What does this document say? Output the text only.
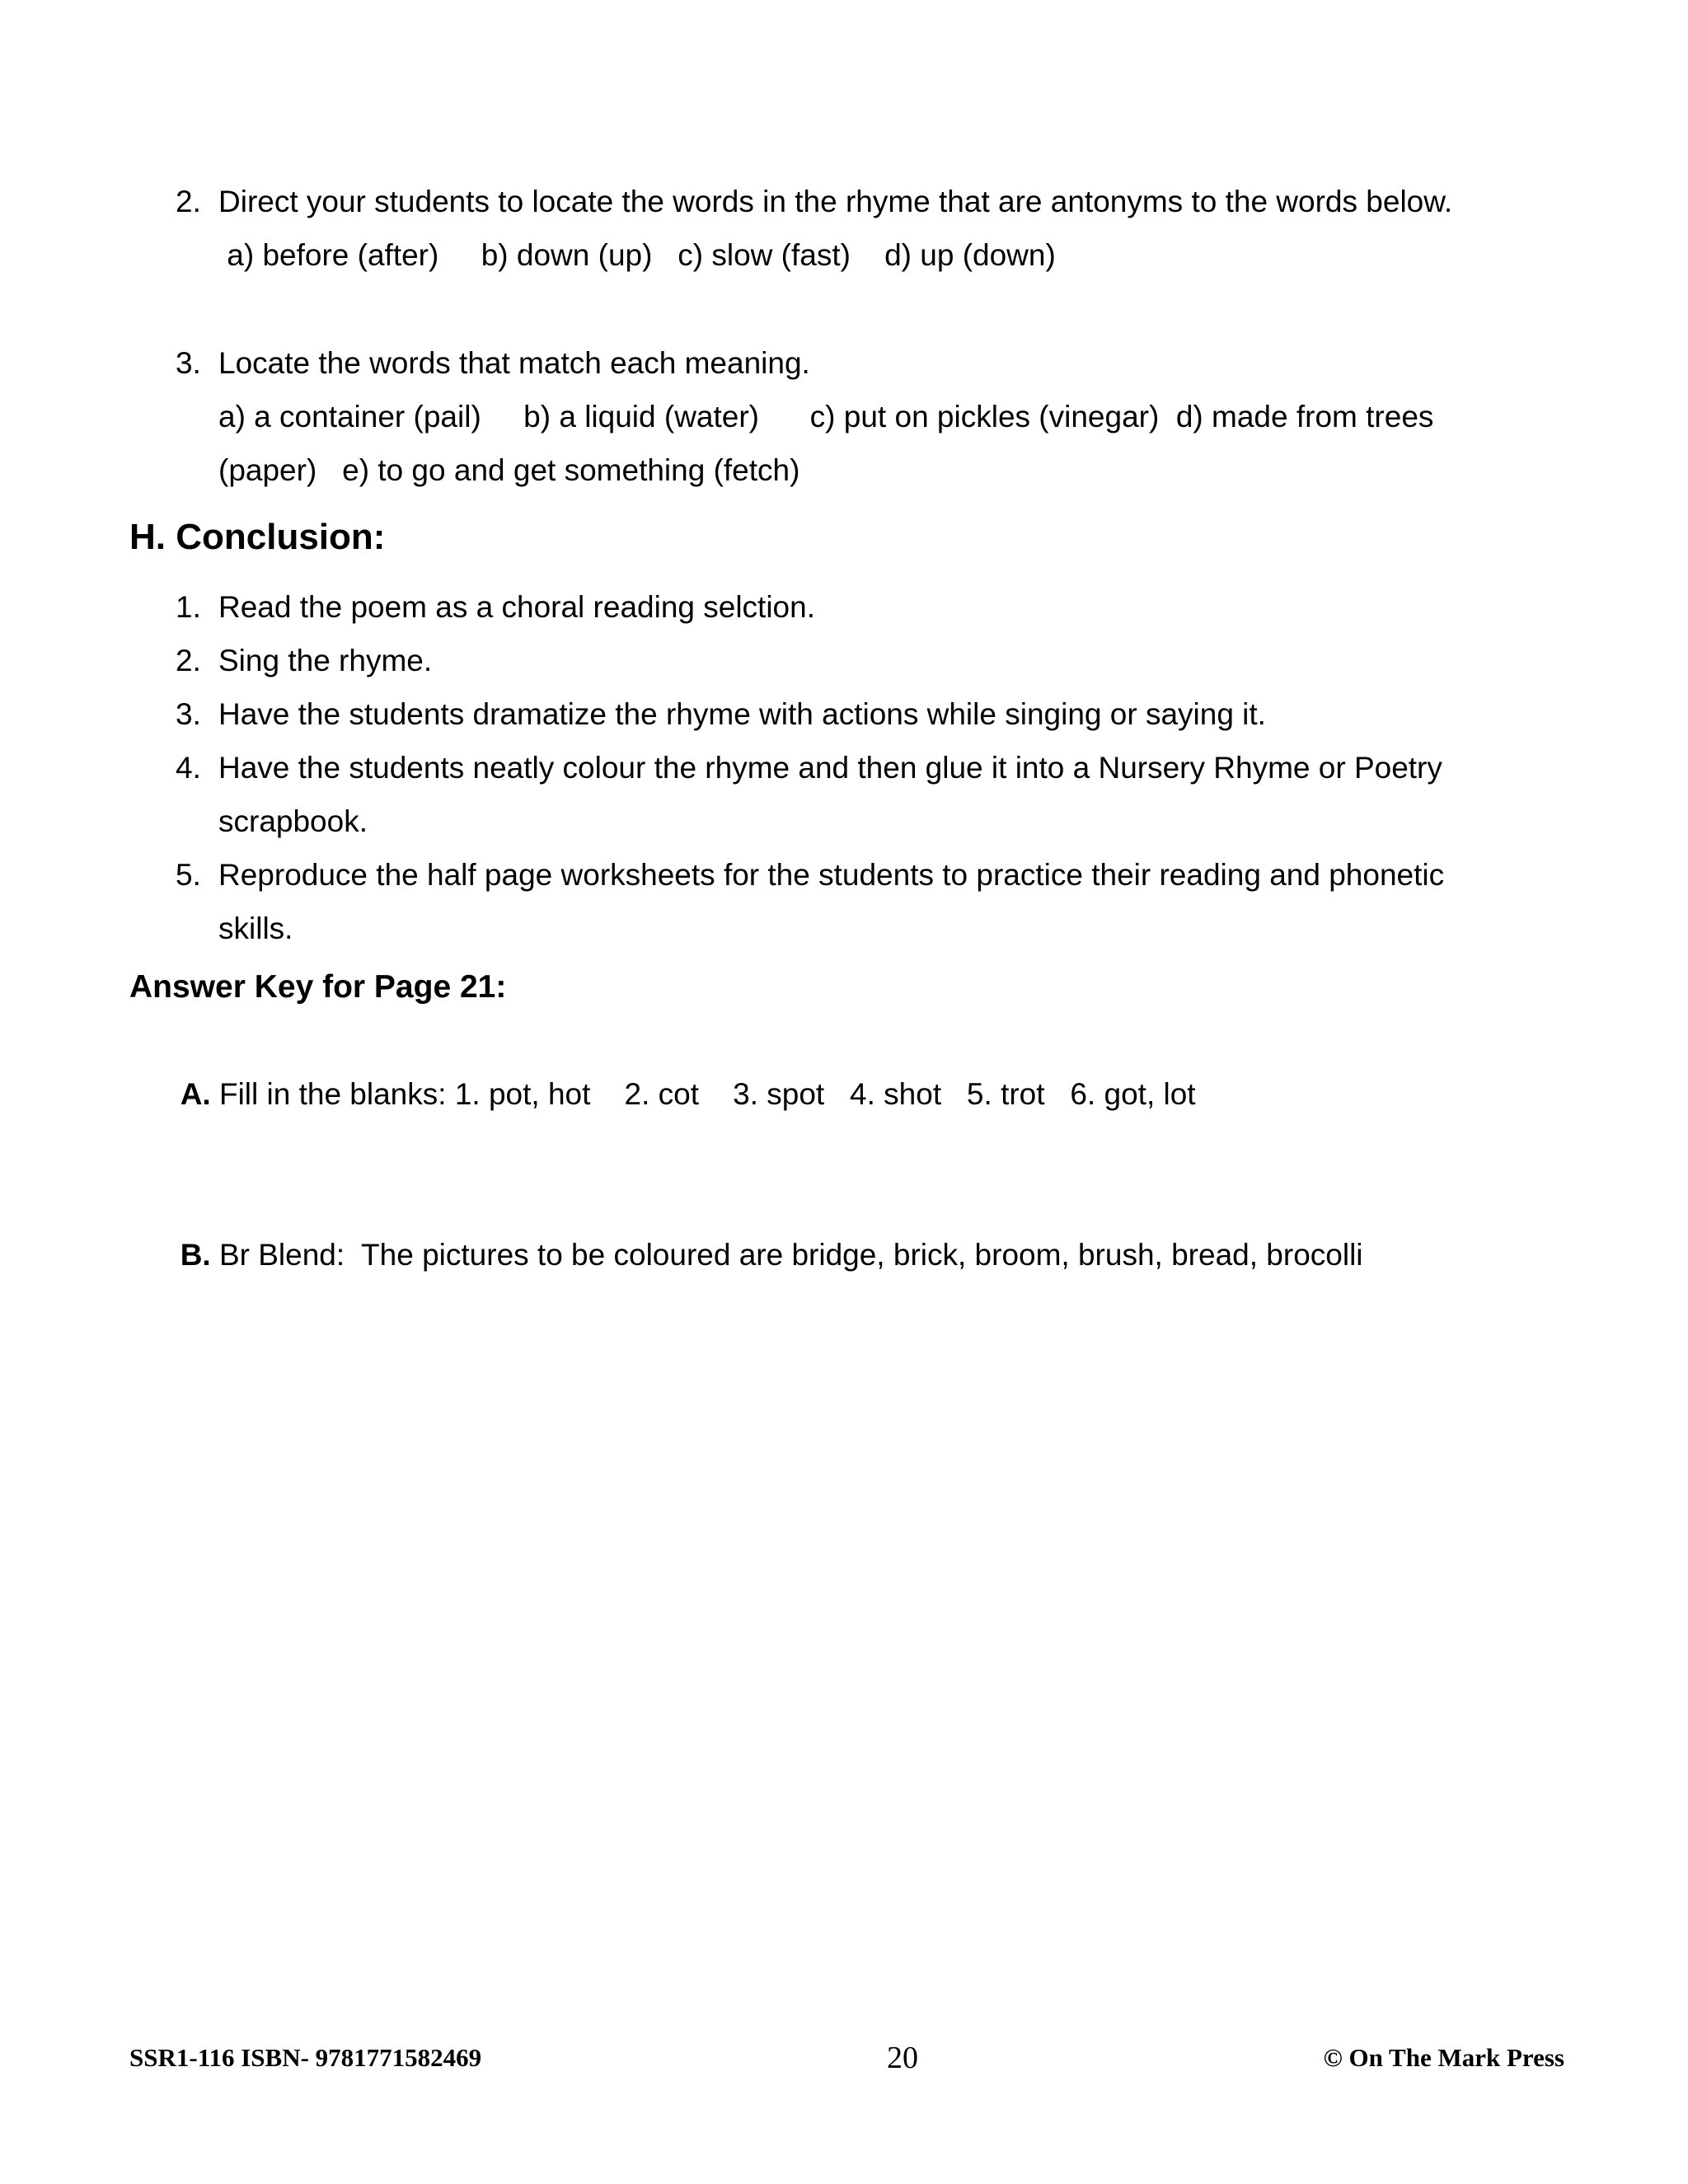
2. Direct your students to locate the words in the rhyme that are antonyms to the words below.
a) before (after)     b) down (up)   c) slow (fast)    d) up (down)
3. Locate the words that match each meaning.
a) a container (pail)     b) a liquid (water)      c) put on pickles (vinegar)  d) made from trees
(paper)   e) to go and get something (fetch)
H. Conclusion:
1. Read the poem as a choral reading selction.
2. Sing the rhyme.
3. Have the students dramatize the rhyme with actions while singing or saying it.
4. Have the students neatly colour the rhyme and then glue it into a Nursery Rhyme or Poetry
scrapbook.
5. Reproduce the half page worksheets for the students to practice their reading and phonetic
skills.
Answer Key for Page 21:

A. Fill in the blanks: 1. pot, hot    2. cot    3. spot   4. shot   5. trot   6. got, lot

B. Br Blend:  The pictures to be coloured are bridge, brick, broom, brush, bread, brocolli

SSR1-116 ISBN- 9781771582469	20	© On The Mark Press
